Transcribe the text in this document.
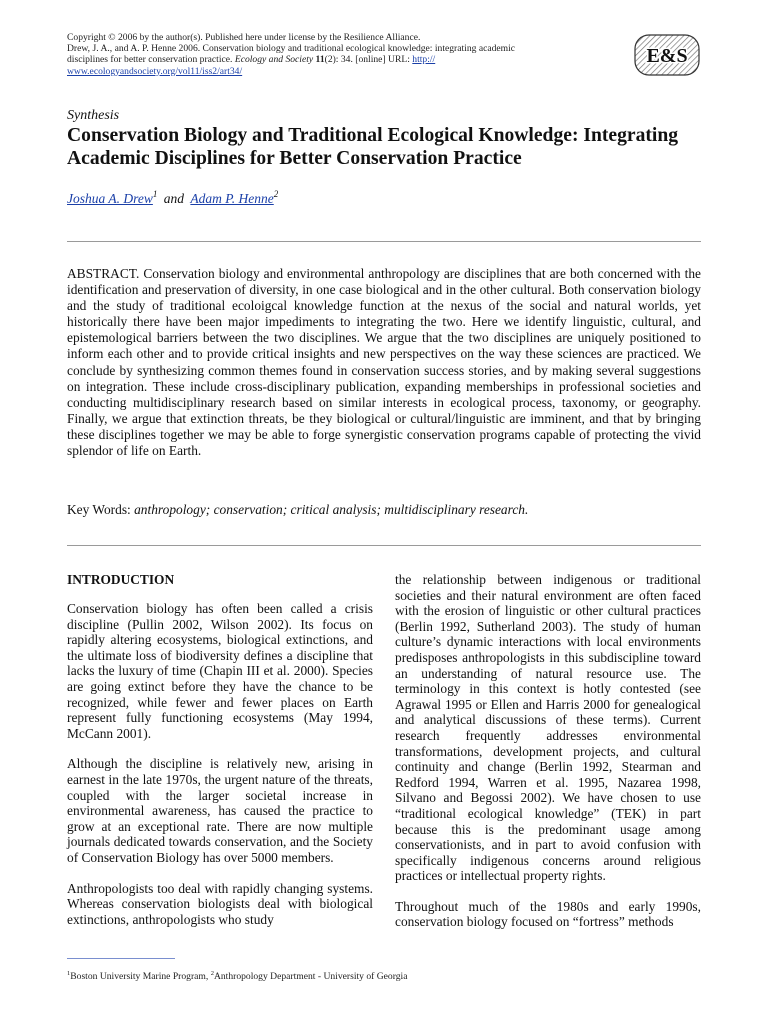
Copyright © 2006 by the author(s). Published here under license by the Resilience Alliance.
Drew, J. A., and A. P. Henne 2006. Conservation biology and traditional ecological knowledge: integrating academic disciplines for better conservation practice. Ecology and Society 11(2): 34. [online] URL: http://
www.ecologyandsociety.org/vol11/iss2/art34/
E&S
Synthesis
Conservation Biology and Traditional Ecological Knowledge: Integrating Academic Disciplines for Better Conservation Practice
Joshua A. Drew$^1$ and Adam P. Henne$^2$

ABSTRACT. Conservation biology and environmental anthropology are disciplines that are both concerned with the identification and preservation of diversity, in one case biological and in the other cultural. Both conservation biology and the study of traditional ecoloigcal knowledge function at the nexus of the social and natural worlds, yet historically there have been major impediments to integrating the two. Here we identify linguistic, cultural, and epistemological barriers between the two disciplines. We argue that the two disciplines are uniquely positioned to inform each other and to provide critical insights and new perspectives on the way these sciences are practiced. We conclude by synthesizing common themes found in conservation success stories, and by making several suggestions on integration. These include cross-disciplinary publication, expanding memberships in professional societies and conducting multidisciplinary research based on similar interests in ecological process, taxonomy, or geography. Finally, we argue that extinction threats, be they biological or cultural/linguistic are imminent, and that by bringing these disciplines together we may be able to forge synergistic conservation programs capable of protecting the vivid splendor of life on Earth.

Key Words: anthropology; conservation; critical analysis; multidisciplinary research.
INTRODUCTION

Conservation biology has often been called a crisis discipline (Pullin 2002, Wilson 2002). Its focus on rapidly altering ecosystems, biological extinctions, and the ultimate loss of biodiversity defines a discipline that lacks the luxury of time (Chapin III et al. 2000). Species are going extinct before they have the chance to be recognized, while fewer and fewer places on Earth represent fully functioning ecosystems (May 1994, McCann 2001).

Although the discipline is relatively new, arising in earnest in the late 1970s, the urgent nature of the threats, coupled with the larger societal increase in environmental awareness, has caused the practice to grow at an exceptional rate. There are now multiple journals dedicated towards conservation, and the Society of Conservation Biology has over 5000 members.

Anthropologists too deal with rapidly changing systems. Whereas conservation biologists deal with biological extinctions, anthropologists who study

the relationship between indigenous or traditional societies and their natural environment are often faced with the erosion of linguistic or other cultural practices (Berlin 1992, Sutherland 2003). The study of human culture’s dynamic interactions with local environments predisposes anthropologists in this subdiscipline toward an understanding of natural resource use. The terminology in this context is hotly contested (see Agrawal 1995 or Ellen and Harris 2000 for genealogical and analytical discussions of these terms). Current research frequently addresses environmental transformations, development projects, and cultural continuity and change (Berlin 1992, Stearman and Redford 1994, Warren et al. 1995, Nazarea 1998, Silvano and Begossi 2002). We have chosen to use “traditional ecological knowledge” (TEK) in part because this is the predominant usage among conservationists, and in part to avoid confusion with specifically indigenous concerns around religious practices or intellectual property rights.

Throughout much of the 1980s and early 1990s, conservation biology focused on “fortress” methods

$^1$Boston University Marine Program, $^2$Anthropology Department - University of Georgia
